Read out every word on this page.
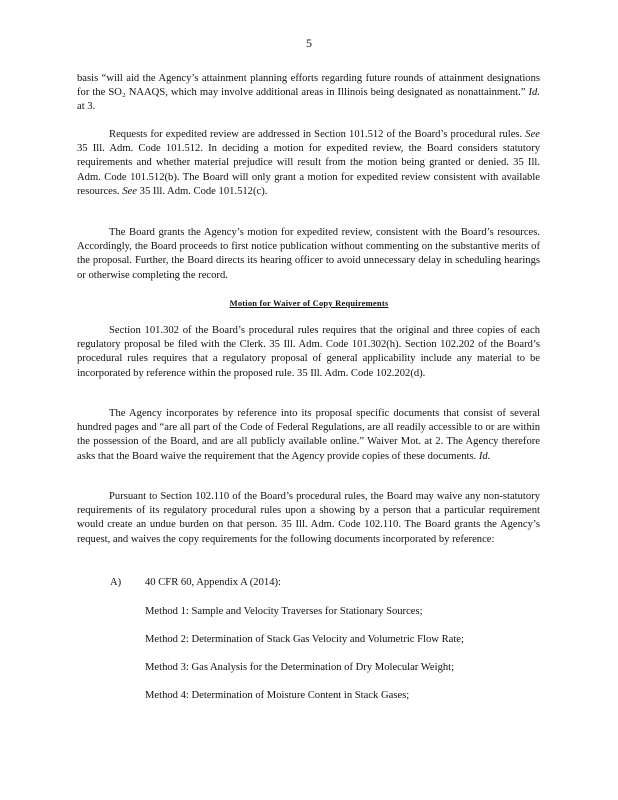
5

basis “will aid the Agency’s attainment planning efforts regarding future rounds of attainment designations for the SO₂ NAAQS, which may involve additional areas in Illinois being designated as nonattainment.” Id. at 3.

Requests for expedited review are addressed in Section 101.512 of the Board’s procedural rules. See 35 Ill. Adm. Code 101.512. In deciding a motion for expedited review, the Board considers statutory requirements and whether material prejudice will result from the motion being granted or denied. 35 Ill. Adm. Code 101.512(b). The Board will only grant a motion for expedited review consistent with available resources. See 35 Ill. Adm. Code 101.512(c).

The Board grants the Agency’s motion for expedited review, consistent with the Board’s resources. Accordingly, the Board proceeds to first notice publication without commenting on the substantive merits of the proposal. Further, the Board directs its hearing officer to avoid unnecessary delay in scheduling hearings or otherwise completing the record.

Motion for Waiver of Copy Requirements

Section 101.302 of the Board’s procedural rules requires that the original and three copies of each regulatory proposal be filed with the Clerk. 35 Ill. Adm. Code 101.302(h). Section 102.202 of the Board’s procedural rules requires that a regulatory proposal of general applicability include any material to be incorporated by reference within the proposed rule. 35 Ill. Adm. Code 102.202(d).

The Agency incorporates by reference into its proposal specific documents that consist of several hundred pages and “are all part of the Code of Federal Regulations, are all readily accessible to or are within the possession of the Board, and are all publicly available online.” Waiver Mot. at 2. The Agency therefore asks that the Board waive the requirement that the Agency provide copies of these documents. Id.

Pursuant to Section 102.110 of the Board’s procedural rules, the Board may waive any non-statutory requirements of its regulatory procedural rules upon a showing by a person that a particular requirement would create an undue burden on that person. 35 Ill. Adm. Code 102.110. The Board grants the Agency’s request, and waives the copy requirements for the following documents incorporated by reference:

A) 40 CFR 60, Appendix A (2014):
Method 1: Sample and Velocity Traverses for Stationary Sources;
Method 2: Determination of Stack Gas Velocity and Volumetric Flow Rate;
Method 3: Gas Analysis for the Determination of Dry Molecular Weight;
Method 4: Determination of Moisture Content in Stack Gases;
